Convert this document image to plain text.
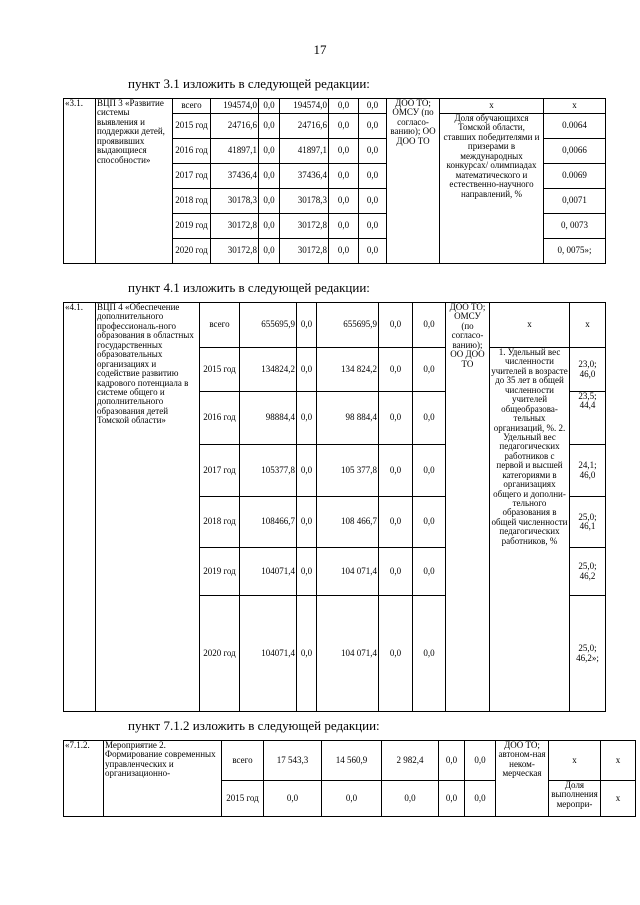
17
пункт 3.1 изложить в следующей редакции:
«3.1.	ВЦП 3 «Развитие системы выявления и поддержки детей, проявивших выдающиеся способности»	всего	194574,0	0,0	194574,0	0,0	0,0	ДОО ТО; ОМСУ (по согласо-ванию); ОО ДОО ТО	x	x
		2015 год	24716,6	0,0	24716,6	0,0	0,0		Доля обучающихся Томской области, ставших победителями и призерами в международных конкурсах/ олимпиадах математического и естественно-научного направлений, %	0.0064
		2016 год	41897,1	0,0	41897,1	0,0	0,0			0,0066
		2017 год	37436,4	0,0	37436,4	0,0	0,0			0.0069
		2018 год	30178,3	0,0	30178,3	0,0	0,0			0,0071
		2019 год	30172,8	0,0	30172,8	0,0	0,0			0, 0073
		2020 год	30172,8	0,0	30172,8	0,0	0,0			0, 0075»;
пункт 4.1 изложить в следующей редакции:
«4.1.	ВЦП 4 «Обеспечение дополнительного профессиональ-ного образования в областных государственных образовательных организациях и содействие развитию кадрового потенциала в системе общего и дополнительного образования детей Томской области»	всего	655695,9	0,0	655695,9	0,0	0,0	ДОО ТО; ОМСУ (по согласо-ванию); ОО ДОО ТО	x	x
		2015 год	134824,2	0,0	134 824,2	0,0	0,0		1. Удельный вес численности учителей в возрасте до 35 лет в общей численности учителей общеобразова-тельных организаций, %. 2. Удельный вес педагогических работников с первой и высшей категориями в организациях общего и дополни-тельного образования в общей численности педагогических работников, %	23,0; 46,0
		2016 год	98884,4	0,0	98 884,4	0,0	0,0			23,5; 44,4
		2017 год	105377,8	0,0	105 377,8	0,0	0,0			24,1; 46,0
		2018 год	108466,7	0,0	108 466,7	0,0	0,0			25,0; 46,1
		2019 год	104071,4	0,0	104 071,4	0,0	0,0			25,0; 46,2
		2020 год	104071,4	0,0	104 071,4	0,0	0,0			25,0; 46,2»;
пункт 7.1.2 изложить в следующей редакции:
«7.1.2.	Мероприятие 2. Формирование современных управленческих и организационно-	всего	17 543,3	14 560,9	2 982,4	0,0	0,0	ДОО ТО; автоном-ная неком-мерческая	x	x
		2015 год	0,0	0,0	0,0	0,0	0,0		Доля выполнения меропри-	x
